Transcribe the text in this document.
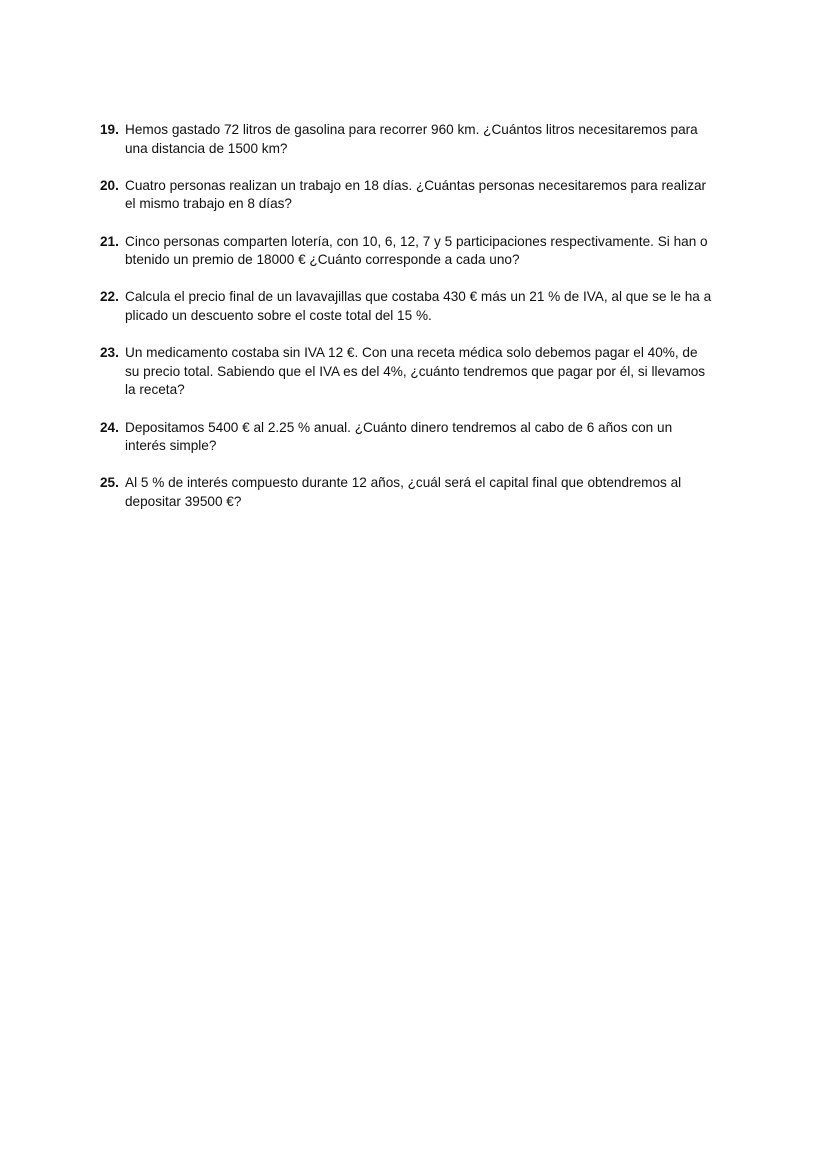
19. Hemos gastado 72 litros de gasolina para recorrer 960 km. ¿Cuántos litros necesitaremos para
una distancia de 1500 km?
20. Cuatro personas realizan un trabajo en 18 días. ¿Cuántas personas necesitaremos para realizar
el mismo trabajo en 8 días?
21. Cinco personas comparten lotería, con 10, 6, 12, 7 y 5 participaciones respectivamente. Si han o
btenido un premio de 18000 € ¿Cuánto corresponde a cada uno?
22. Calcula el precio final de un lavavajillas que costaba 430 € más un 21 % de IVA, al que se le ha a
plicado un descuento sobre el coste total del 15 %.
23. Un medicamento costaba sin IVA 12 €. Con una receta médica solo debemos pagar el 40%, de
su precio total. Sabiendo que el IVA es del 4%, ¿cuánto tendremos que pagar por él, si llevamos
la receta?
24. Depositamos 5400 € al 2.25 % anual. ¿Cuánto dinero tendremos al cabo de 6 años con un
interés simple?
25. Al 5 % de interés compuesto durante 12 años, ¿cuál será el capital final que obtendremos al
depositar 39500 €?
